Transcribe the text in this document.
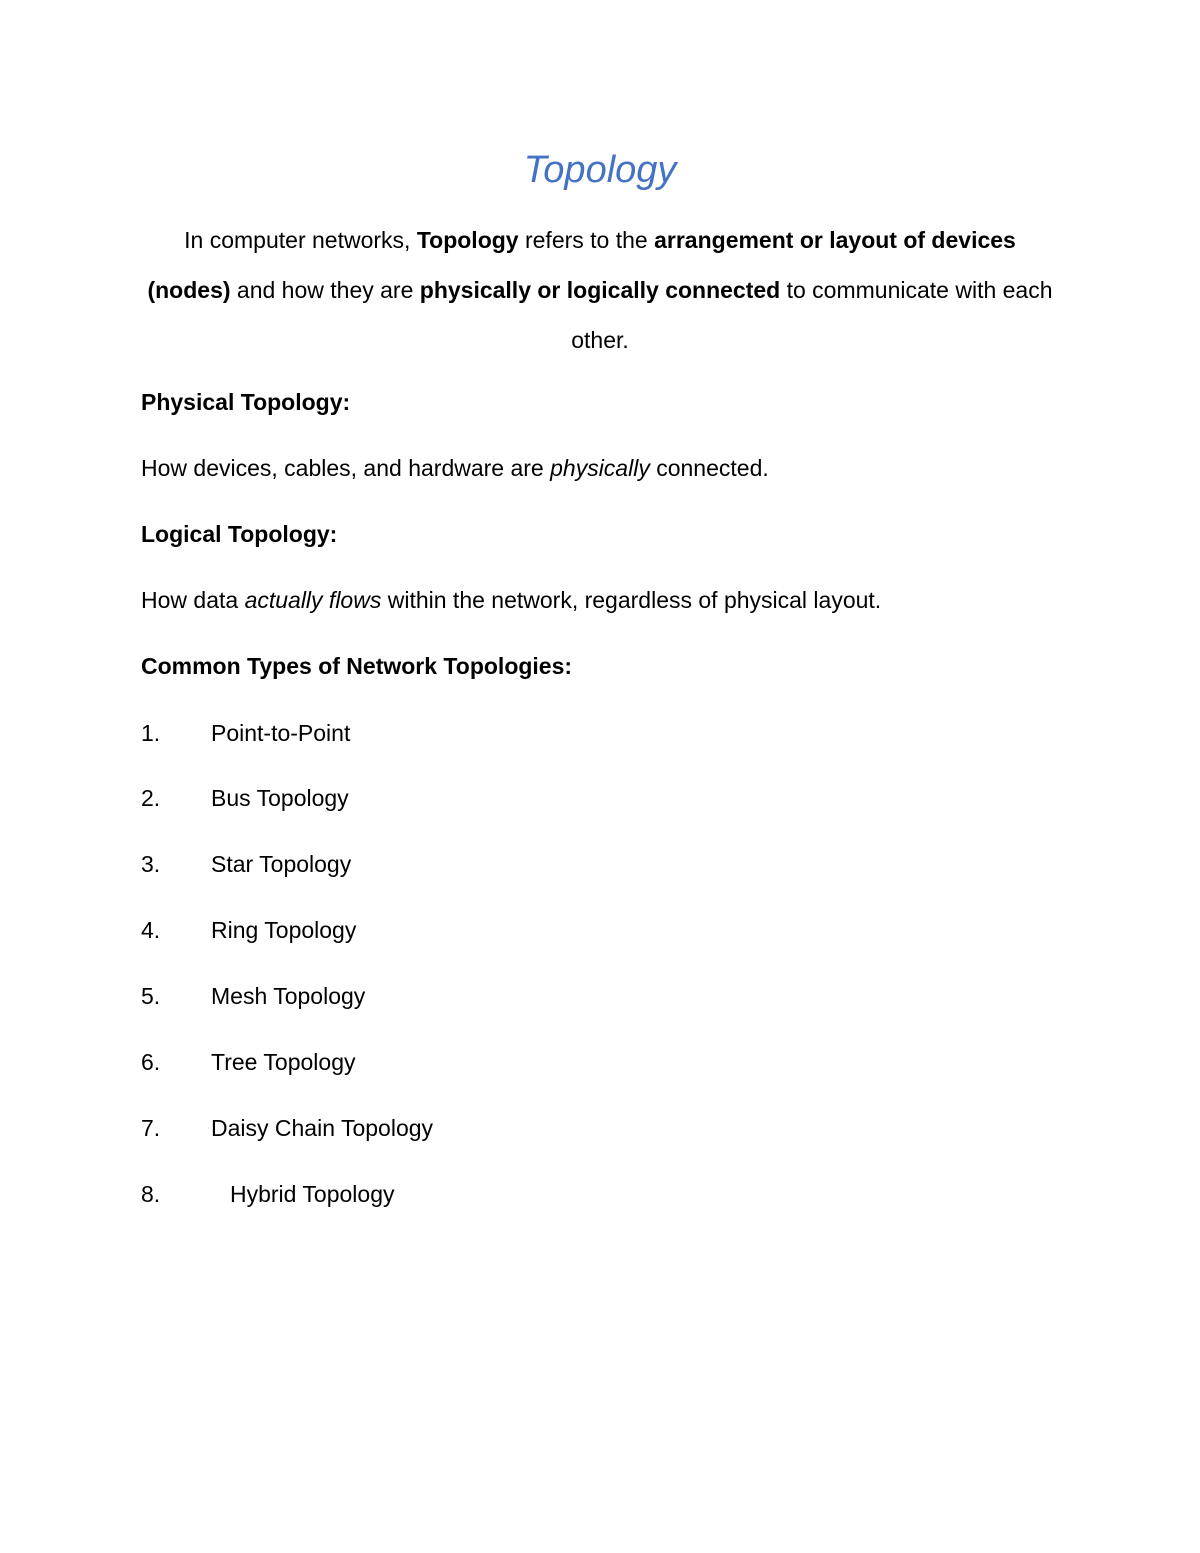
Topology
In computer networks, Topology refers to the arrangement or layout of devices (nodes) and how they are physically or logically connected to communicate with each other.
Physical Topology:
How devices, cables, and hardware are physically connected.
Logical Topology:
How data actually flows within the network, regardless of physical layout.
Common Types of Network Topologies:
1. Point-to-Point
2. Bus Topology
3. Star Topology
4. Ring Topology
5. Mesh Topology
6. Tree Topology
7. Daisy Chain Topology
8.	Hybrid Topology
